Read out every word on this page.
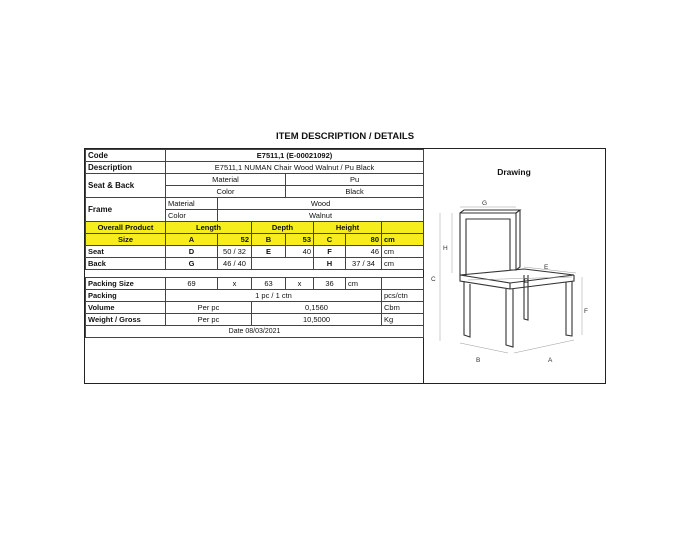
ITEM DESCRIPTION / DETAILS
Drawing
Code	E7511,1 (E-00021092)						
Description	E7511,1 NUMAN Chair Wood Walnut / Pu Black						
Seat & Back	Material			Pu			
	Color			Black			
Frame	Material	Wood					
	Color	Walnut					
Overall Product	Length		Depth		Height		
Size	A	52	B	53	C	80	cm
Seat	D	50 / 32	E	40	F	46	cm
Back	G	46 / 40			H	37 / 34	cm

Packing Size	69	x	63	x	36	cm	
Packing	1 pc / 1 ctn						pcs/ctn
Volume	Per pc		0,1560				Cbm
Weight / Gross	Per pc		10,5000				Kg
Date 08/03/2021							
G
H
C
E
D
F
B	A
